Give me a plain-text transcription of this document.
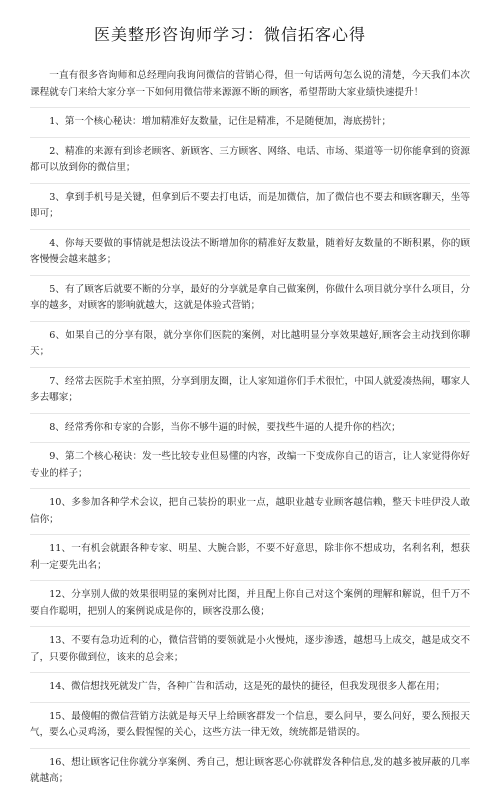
医美整形咨询师学习：微信拓客心得

一直有很多咨询师和总经理向我询问微信的营销心得，但一句话两句怎么说的清楚，今天我们本次课程就专门来给大家分享一下如何用微信带来源源不断的顾客，希望帮助大家业绩快速提升！

1、第一个核心秘诀：增加精准好友数量，记住是精准，不是随便加，海底捞针；

2、精准的来源有到诊老顾客、新顾客、三方顾客、网络、电话、市场、渠道等一切你能拿到的资源都可以放到你的微信里；

3、拿到手机号是关键，但拿到后不要去打电话，而是加微信，加了微信也不要去和顾客聊天，坐等即可；

4、你每天要做的事情就是想法设法不断增加你的精准好友数量，随着好友数量的不断积累，你的顾客慢慢会越来越多；

5、有了顾客后就要不断的分享，最好的分享就是拿自己做案例，你做什么项目就分享什么项目，分享的越多，对顾客的影响就越大，这就是体验式营销；

6、如果自己的分享有限，就分享你们医院的案例，对比越明显分享效果越好,顾客会主动找到你聊天；

7、经常去医院手术室拍照，分享到朋友圈，让人家知道你们手术很忙，中国人就爱凑热闹，哪家人多去哪家；

8、经常秀你和专家的合影，当你不够牛逼的时候，要找些牛逼的人提升你的档次；

9、第二个核心秘诀：发一些比较专业但易懂的内容，改编一下变成你自己的语言，让人家觉得你好专业的样子；

10、多参加各种学术会议，把自己装扮的职业一点，越职业越专业顾客越信赖，整天卡哇伊没人敢信你；

11、一有机会就跟各种专家、明星、大腕合影，不要不好意思，除非你不想成功，名利名利，想获利一定要先出名；

12、分享别人做的效果很明显的案例对比图，并且配上你自己对这个案例的理解和解说，但千万不要自作聪明，把别人的案例说成是你的，顾客没那么傻；

13、不要有急功近利的心，微信营销的要领就是小火慢炖，逐步渗透，越想马上成交，越是成交不了，只要你做到位，该来的总会来；

14、微信想找死就发广告，各种广告和活动，这是死的最快的捷径，但我发现很多人都在用；

15、最傻帽的微信营销方法就是每天早上给顾客群发一个信息，要么问早，要么问好，要么预报天气，要么心灵鸡汤，要么假惺惺的关心，这些方法一律无效，统统都是错误的。

16、想让顾客记住你就分享案例、秀自己，想让顾客恶心你就群发各种信息,发的越多被屏蔽的几率就越高；
